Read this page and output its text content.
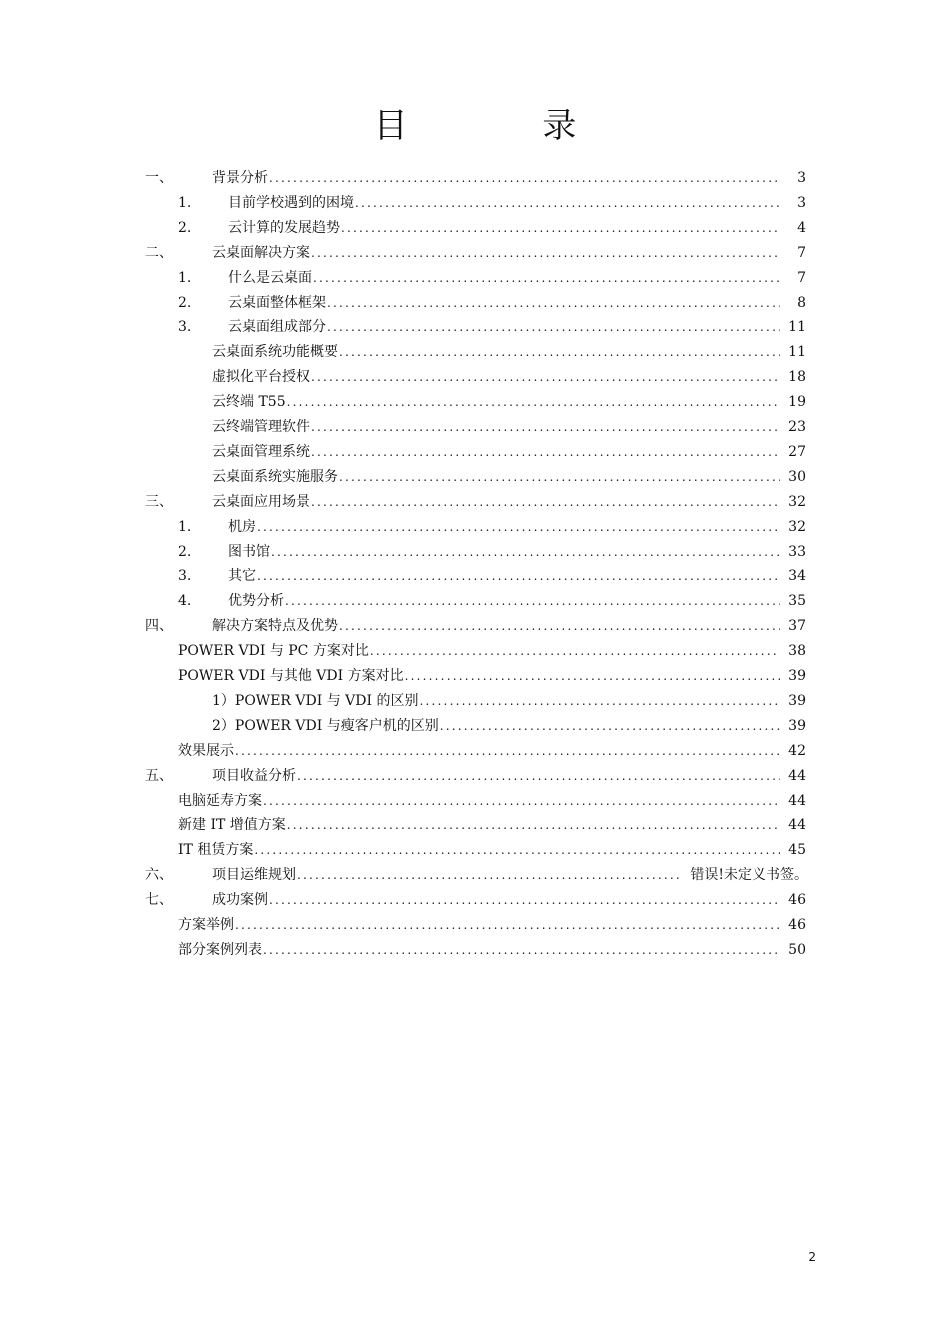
目 录
一、	背景分析 .....	3
1.	目前学校遇到的困境 .....	3
2.	云计算的发展趋势 .....	4
二、	云桌面解决方案 .....	7
1.	什么是云桌面 .....	7
2.	云桌面整体框架 .....	8
3.	云桌面组成部分 .....	11
云桌面系统功能概要 .....	11
虚拟化平台授权 .....	18
云终端 T55 .....	19
云终端管理软件 .....	23
云桌面管理系统 .....	27
云桌面系统实施服务 .....	30
三、	云桌面应用场景 .....	32
1.	机房 .....	32
2.	图书馆 .....	33
3.	其它 .....	34
4.	优势分析 .....	35
四、	解决方案特点及优势 .....	37
POWER VDI 与 PC 方案对比 .....	38
POWER VDI 与其他 VDI 方案对比 .....	39
1）POWER VDI 与 VDI 的区别 .....	39
2）POWER VDI 与瘦客户机的区别 .....	39
效果展示 .....	42
五、	项目收益分析 .....	44
电脑延寿方案 .....	44
新建 IT 增值方案 .....	44
IT 租赁方案 .....	45
六、	项目运维规划 .....	错误!未定义书签。
七、	成功案例 .....	46
方案举例 .....	46
部分案例列表 .....	50
2
